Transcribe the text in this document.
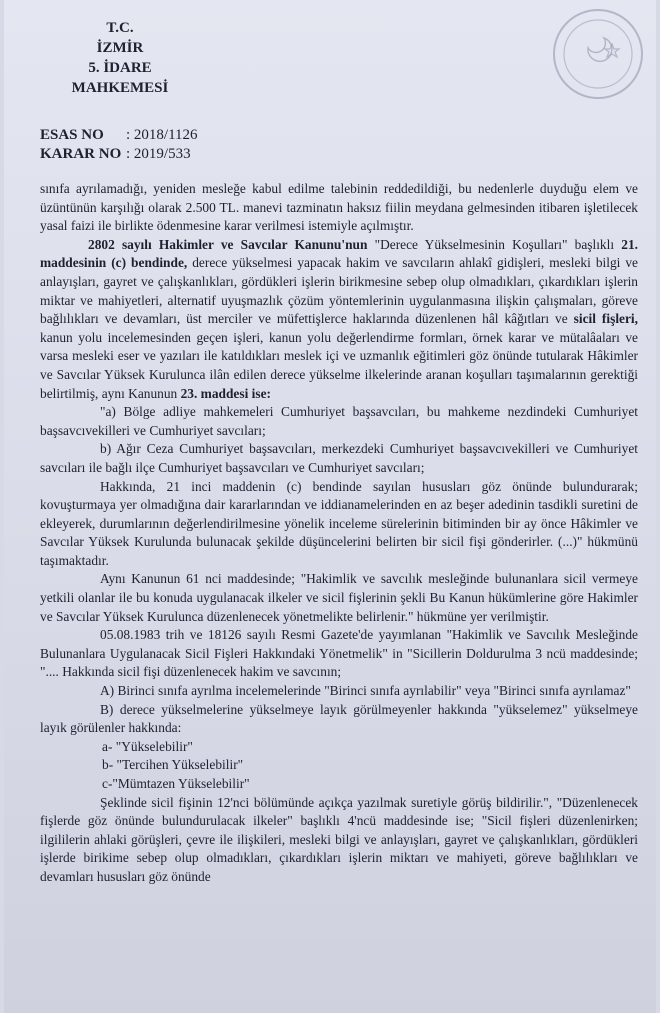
T.C.
İZMİR
5. İDARE MAHKEMESİ
ESAS NO : 2018/1126
KARAR NO : 2019/533

sınıfa ayrılamadığı, yeniden mesleğe kabul edilme talebinin reddedildiği, bu nedenlerle duyduğu elem ve üzüntünün karşılığı olarak 2.500 TL. manevi tazminatın haksız fiilin meydana gelmesinden itibaren işletilecek yasal faizi ile birlikte ödenmesine karar verilmesi istemiyle açılmıştır.

2802 sayılı Hakimler ve Savcılar Kanunu'nun "Derece Yükselmesinin Koşulları" başlıklı 21. maddesinin (c) bendinde, derece yükselmesi yapacak hakim ve savcıların ahlakî gidişleri, mesleki bilgi ve anlayışları, gayret ve çalışkanlıkları, gördükleri işlerin birikmesine sebep olup olmadıkları, çıkardıkları işlerin miktar ve mahiyetleri, alternatif uyuşmazlık çözüm yöntemlerinin uygulanmasına ilişkin çalışmaları, göreve bağlılıkları ve devamları, üst merciler ve müfettişlerce haklarında düzenlenen hâl kâğıtları ve sicil fişleri, kanun yolu incelemesinden geçen işleri, kanun yolu değerlendirme formları, örnek karar ve mütalâaları ve varsa mesleki eser ve yazıları ile katıldıkları meslek içi ve uzmanlık eğitimleri göz önünde tutularak Hâkimler ve Savcılar Yüksek Kurulunca ilân edilen derece yükselme ilkelerinde aranan koşulları taşımalarının gerektiği belirtilmiş, aynı Kanunun 23. maddesi ise:

"a) Bölge adliye mahkemeleri Cumhuriyet başsavcıları, bu mahkeme nezdindeki Cumhuriyet başsavcıvekilleri ve Cumhuriyet savcıları;

b) Ağır Ceza Cumhuriyet başsavcıları, merkezdeki Cumhuriyet başsavcıvekilleri ve Cumhuriyet savcıları ile bağlı ilçe Cumhuriyet başsavcıları ve Cumhuriyet savcıları;

Hakkında, 21 inci maddenin (c) bendinde sayılan hususları göz önünde bulundurarak; kovuşturmaya yer olmadığına dair kararlarından ve iddianamelerinden en az beşer adedinin tasdikli suretini de ekleyerek, durumlarının değerlendirilmesine yönelik inceleme sürelerinin bitiminden bir ay önce Hâkimler ve Savcılar Yüksek Kurulunda bulunacak şekilde düşüncelerini belirten bir sicil fişi gönderirler. (...)" hükmünü taşımaktadır.

Aynı Kanunun 61 nci maddesinde; "Hakimlik ve savcılık mesleğinde bulunanlara sicil vermeye yetkili olanlar ile bu konuda uygulanacak ilkeler ve sicil fişlerinin şekli Bu Kanun hükümlerine göre Hakimler ve Savcılar Yüksek Kurulunca düzenlenecek yönetmelikte belirlenir." hükmüne yer verilmiştir.

05.08.1983 trih ve 18126 sayılı Resmi Gazete'de yayımlanan "Hakimlik ve Savcılık Mesleğinde Bulunanlara Uygulanacak Sicil Fişleri Hakkındaki Yönetmelik" in "Sicillerin Doldurulma 3 ncü maddesinde; ".... Hakkında sicil fişi düzenlenecek hakim ve savcının;

A) Birinci sınıfa ayrılma incelemelerinde "Birinci sınıfa ayrılabilir" veya "Birinci sınıfa ayrılamaz"

B) derece yükselmelerine yükselmeye layık görülmeyenler hakkında "yükselemez" yükselmeye layık görülenler hakkında:

a- "Yükselebilir"

b- "Tercihen Yükselebilir"

c-"Mümtazen Yükselebilir"

Şeklinde sicil fişinin 12'nci bölümünde açıkça yazılmak suretiyle görüş bildirilir.", "Düzenlenecek fişlerde göz önünde bulundurulacak ilkeler" başlıklı 4'ncü maddesinde ise; "Sicil fişleri düzenlenirken; ilgililerin ahlaki görüşleri, çevre ile ilişkileri, mesleki bilgi ve anlayışları, gayret ve çalışkanlıkları, gördükleri işlerde birikime sebep olup olmadıkları, çıkardıkları işlerin miktarı ve mahiyeti, göreve bağlılıkları ve devamları hususları göz önünde
